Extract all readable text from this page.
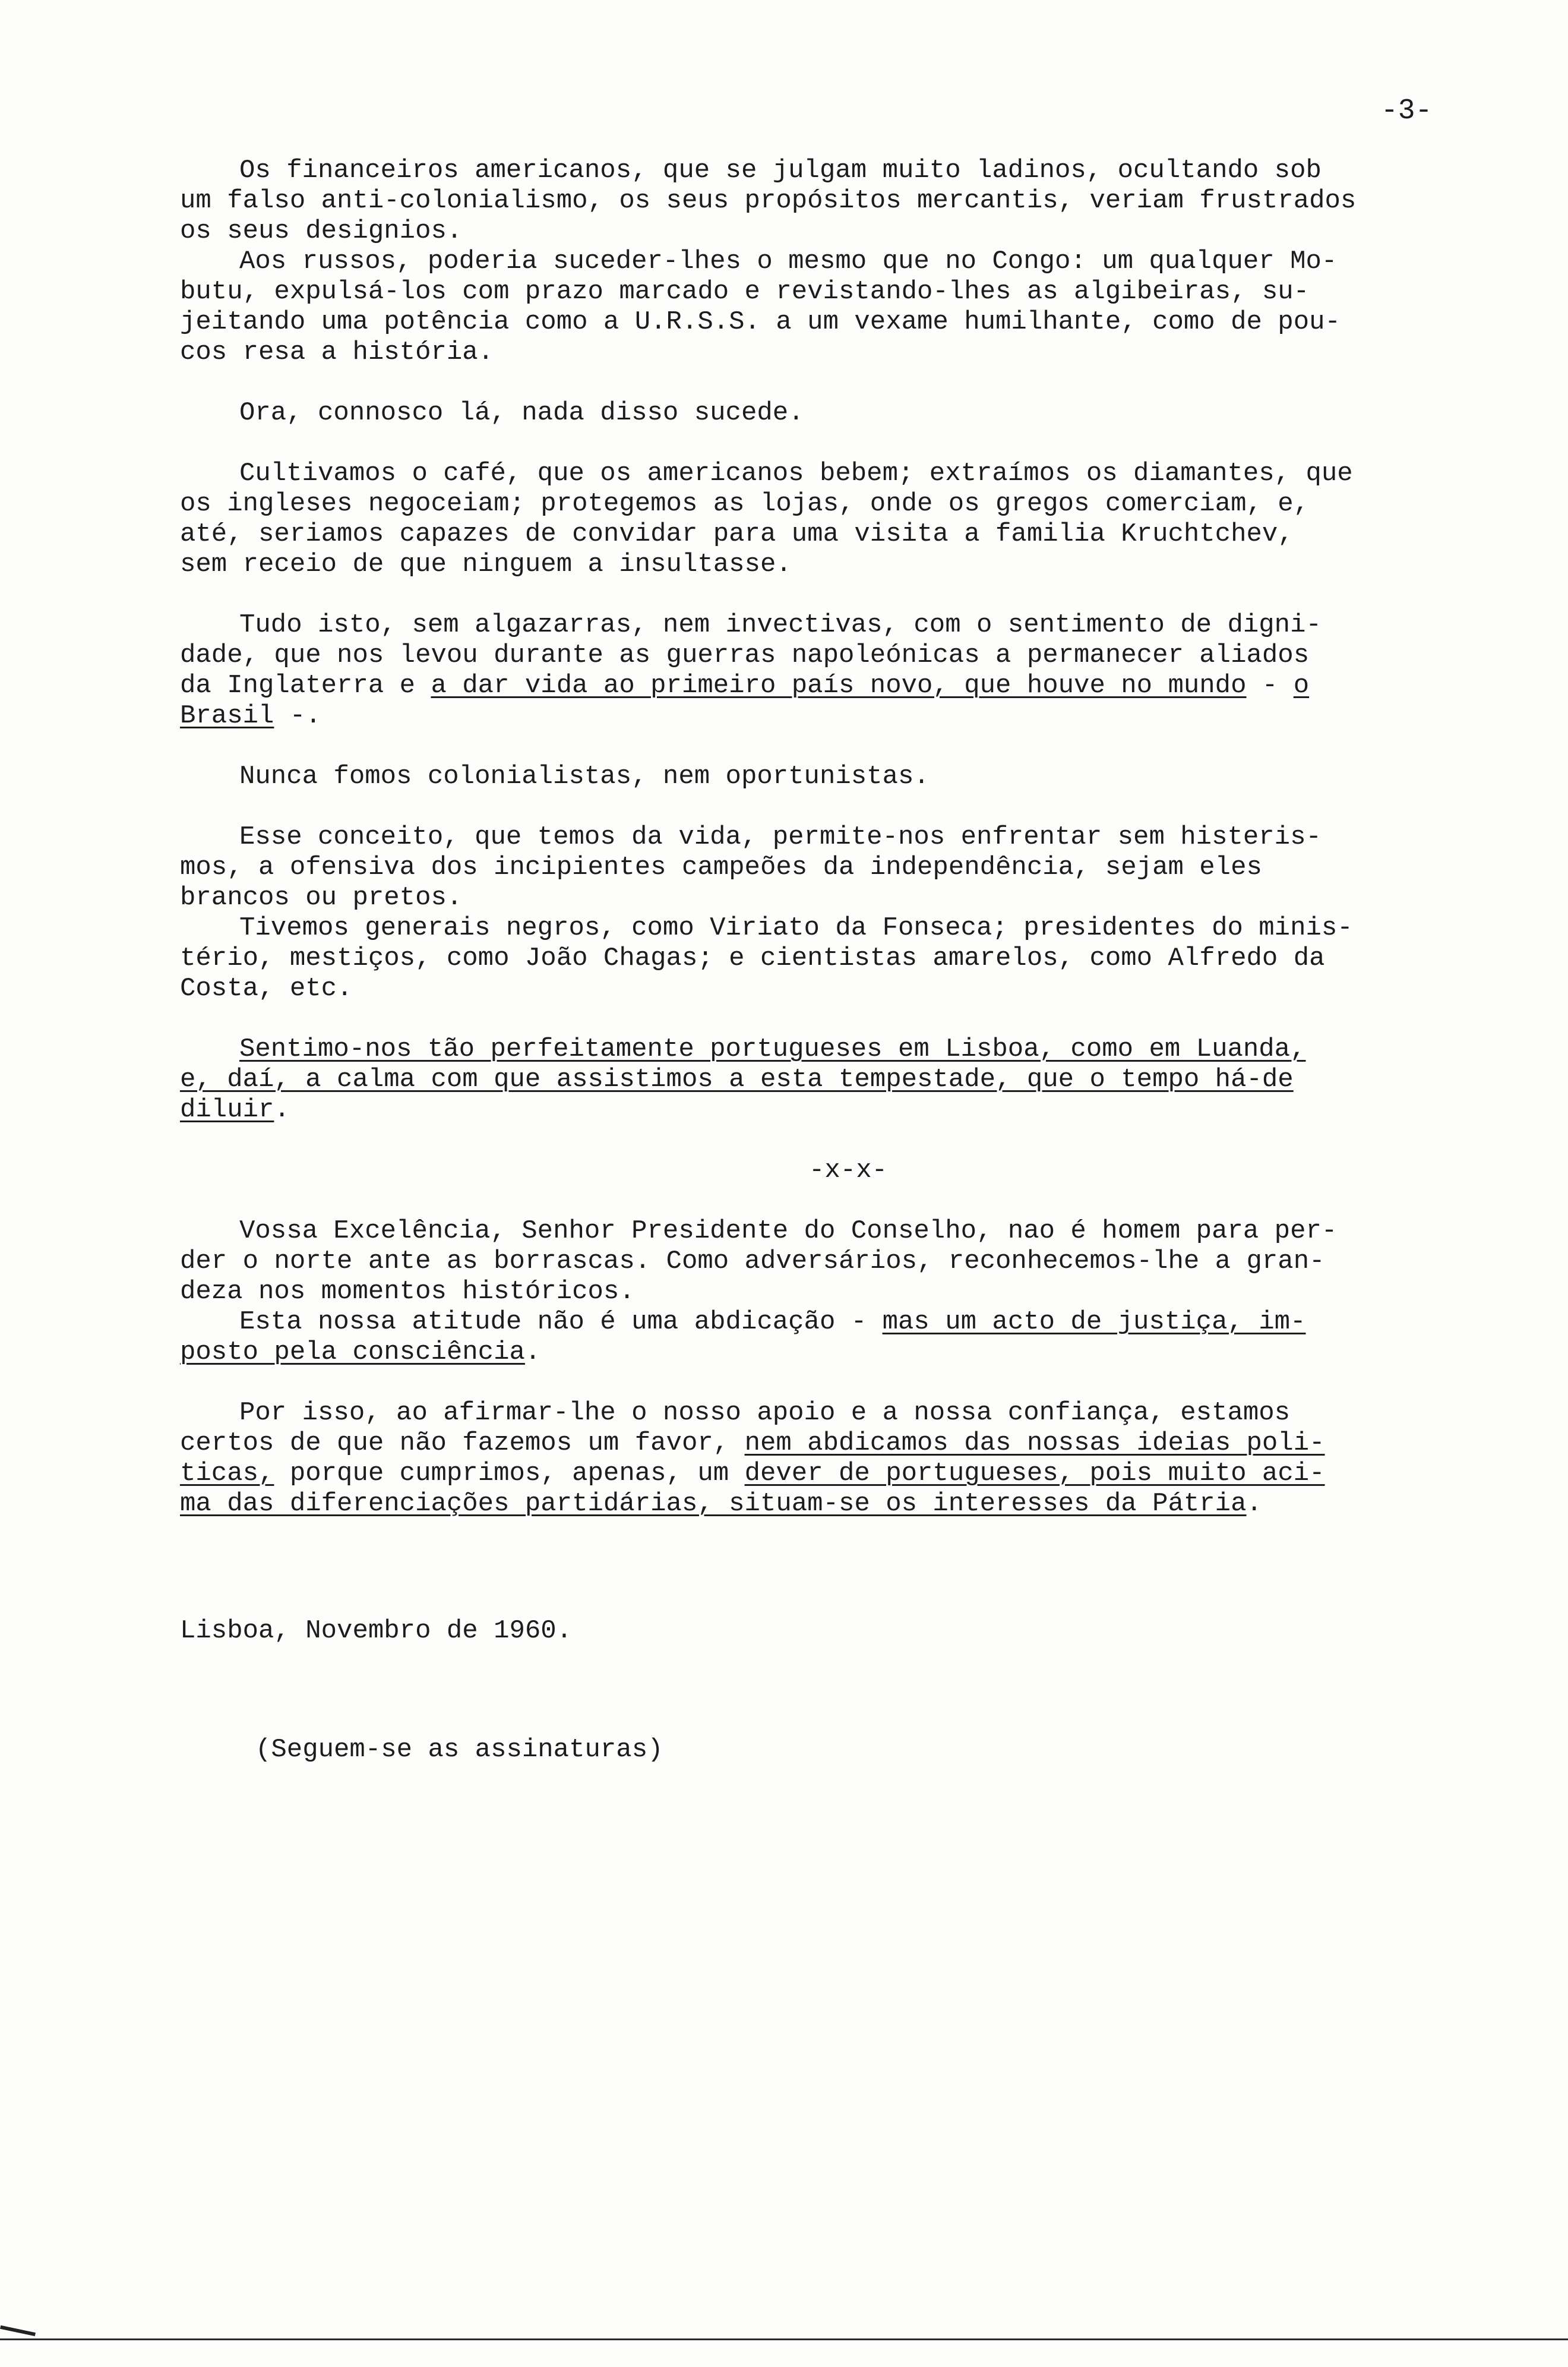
-3-
Os financeiros americanos, que se julgam muito ladinos, ocultando sob
um falso anti-colonialismo, os seus propósitos mercantis, veriam frustrados
os seus designios.
Aos russos, poderia suceder-lhes o mesmo que no Congo: um qualquer Mo-
butu, expulsá-los com prazo marcado e revistando-lhes as algibeiras, su-
jeitando uma potência como a U.R.S.S. a um vexame humilhante, como de pou-
cos resa a história.
Ora, connosco lá, nada disso sucede.
Cultivamos o café, que os americanos bebem; extraímos os diamantes, que
os ingleses negoceiam; protegemos as lojas, onde os gregos comerciam, e,
até, seriamos capazes de convidar para uma visita a familia Kruchtchev,
sem receio de que ninguem a insultasse.
Tudo isto, sem algazarras, nem invectivas, com o sentimento de digni-
dade, que nos levou durante as guerras napoleónicas a permanecer aliados
da Inglaterra e a dar vida ao primeiro país novo, que houve no mundo - o
Brasil -.
Nunca fomos colonialistas, nem oportunistas.
Esse conceito, que temos da vida, permite-nos enfrentar sem histeris-
mos, a ofensiva dos incipientes campeões da independência, sejam eles
brancos ou pretos.
Tivemos generais negros, como Viriato da Fonseca; presidentes do minis-
tério, mestiços, como João Chagas; e cientistas amarelos, como Alfredo da
Costa, etc.
Sentimo-nos tão perfeitamente portugueses em Lisboa, como em Luanda,
e, daí, a calma com que assistimos a esta tempestade, que o tempo há-de
diluir.
-x-x-
Vossa Excelência, Senhor Presidente do Conselho, nao é homem para per-
der o norte ante as borrascas. Como adversários, reconhecemos-lhe a gran-
deza nos momentos históricos.
Esta nossa atitude não é uma abdicação - mas um acto de justiça, im-
posto pela consciência.
Por isso, ao afirmar-lhe o nosso apoio e a nossa confiança, estamos
certos de que não fazemos um favor, nem abdicamos das nossas ideias poli-
ticas, porque cumprimos, apenas, um dever de portugueses, pois muito aci-
ma das diferenciações partidárias, situam-se os interesses da Pátria.
Lisboa, Novembro de 1960.
(Seguem-se as assinaturas)
